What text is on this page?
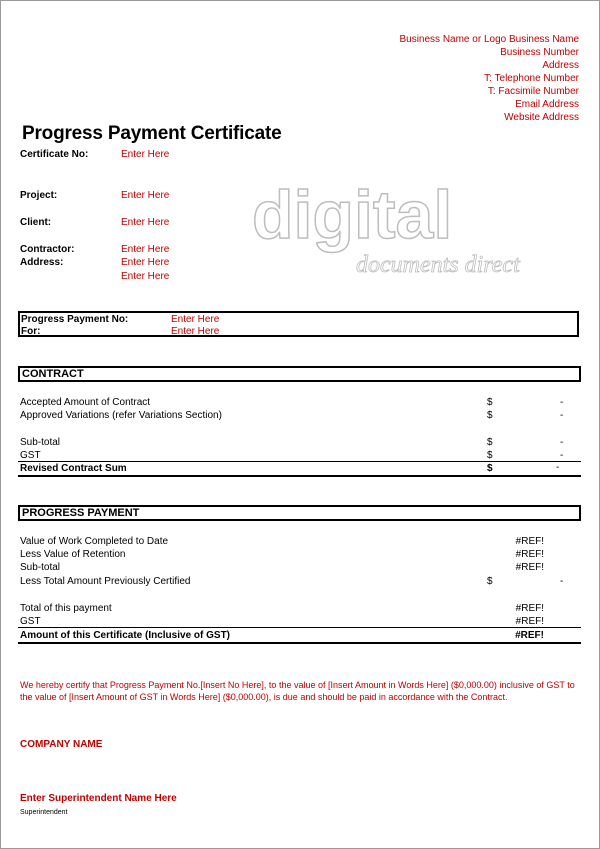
Business Name or Logo Business Name
Business Number
Address
T: Telephone Number
T: Facsimile Number
Email Address
Website Address
Progress Payment Certificate
digital
documents direct
Certificate No:	Enter Here
Project:	Enter Here
Client:	Enter Here
Contractor:	Enter Here
Address:	Enter Here
Enter Here
Progress Payment No:	Enter Here
For:	Enter Here
CONTRACT
Accepted Amount of Contract	$	-
Approved Variations (refer Variations Section)	$	-
Sub-total	$	-
GST	$	-
Revised Contract Sum	$	-
PROGRESS PAYMENT
Value of Work Completed to Date	#REF!
Less Value of Retention	#REF!
Sub-total	#REF!
Less Total Amount Previously Certified	$	-
Total of this payment	#REF!
GST	#REF!
Amount of this Certificate (Inclusive of GST)	#REF!
We hereby certify that Progress Payment No.[Insert No Here], to the value of [Insert Amount in Words Here] ($0,000.00) inclusive of GST to the value of [Insert Amount of GST in Words Here] ($0,000.00), is due and should be paid in accordance with the Contract.
COMPANY NAME
Enter Superintendent Name Here
Superintendent
